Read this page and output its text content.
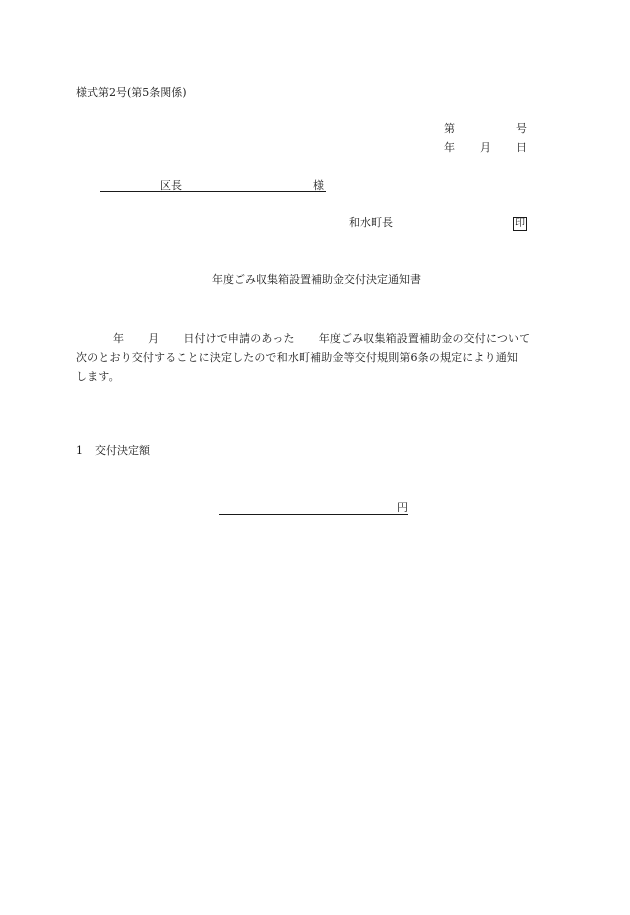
様式第2号(第5条関係)
第	号
年 月 日
区長	様
和水町長	印
年度ごみ収集箱設置補助金交付決定通知書
年 月 日付けで申請のあった 年度ごみ収集箱設置補助金の交付について
次のとおり交付することに決定したので和水町補助金等交付規則第6条の規定により通知
します。
1 交付決定額
円
